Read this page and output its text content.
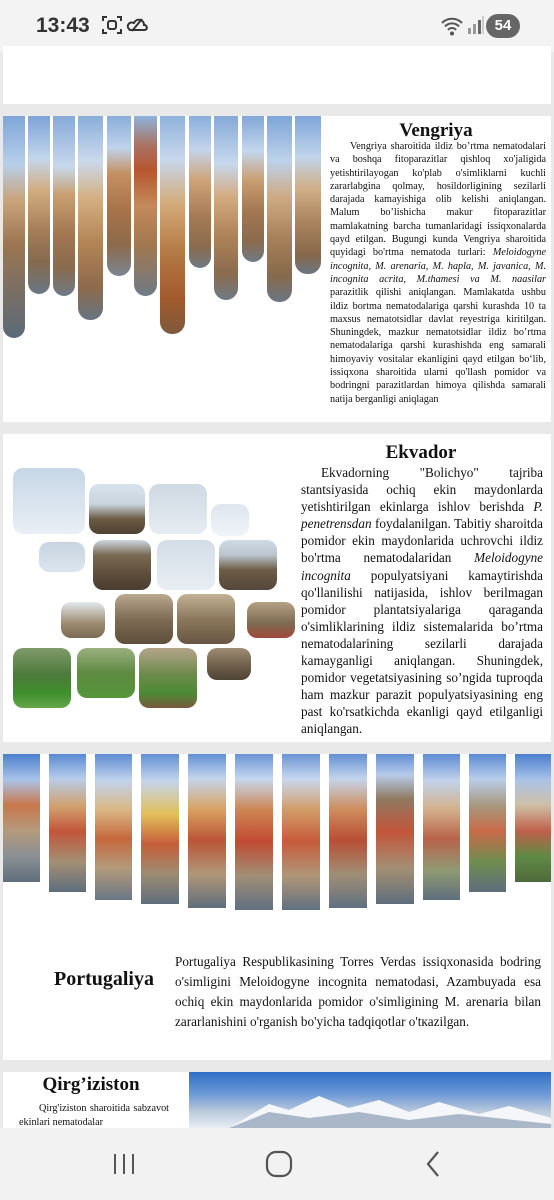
13:43	54
Vengriya
Vengriya sharoitida ildiz bo’rtma nematodalari va boshqa fitoparazitlar qishloq xo'jaligida yetishtirilayogan ko'plab o'simliklarni kuchli zararlabgina qolmay, hosildorligining sezilarli darajada kamayishiga olib kelishi aniqlangan. Malum bo’lishicha makur fitoparazitlar mamlakatning barcha tumanlaridagi issiqxonalarda qayd etilgan. Bugungi kunda Vengriya sharoitida quyidagi bo'rtma nematoda turlari: Meloidogyne incognita, M. arenaria, M. hapla, M. javanica, M. incognita acrita, M.thamesi va M. naasilar parazitlik qilishi aniqlangan. Mamlakatda ushbu ildiz bortma nematodalariga qarshi kurashda 10 ta maxsus nematotsidlar davlat reyestriga kiritilgan. Shuningdek, mazkur nematotsidlar ildiz bo’rtma nematodalariga qarshi kurashishda eng samarali himoyaviy vositalar ekanligini qayd etilgan bo‘lib, issiqxona sharoitida ularni qo'llash pomidor va bodringni parazitlardan himoya qilishda samarali natija berganligi aniqlagan
Ekvador
Ekvadorning "Bolichyo" tajriba stantsiyasida ochiq ekin maydonlarda yetishtirilgan ekinlarga ishlov berishda P. penetrensdan foydalanilgan. Tabitiy sharoitda pomidor ekin maydonlarida uchrovchi ildiz bo'rtma nematodalaridan Meloidogyne incognita populyatsiyani kamaytirishda qo'llanilishi natijasida, ishlov berilmagan pomidor plantatsiyalariga qaraganda o'simliklarining ildiz sistemalarida bo’rtma nematodalarining sezilarli darajada kamayganligi aniqlangan. Shuningdek, pomidor vegetatsiyasining so’ngida tuproqda ham mazkur parazit populyatsiyasining eng past ko'rsatkichda ekanligi qayd etilganligi aniqlangan.
Portugaliya
Portugaliya Respublikasining Torres Verdas issiqxonasida bodring o'simligini Meloidogyne incognita nematodasi, Azambuyada esa ochiq ekin maydonlarida pomidor o'simligining M. arenaria bilan zararlanishini o'rganish bo'yicha tadqiqotlar o'tкazilgan.
Qirg’iziston
Qirg'iziston sharoitida sabzavot ekinlari nematodalar
